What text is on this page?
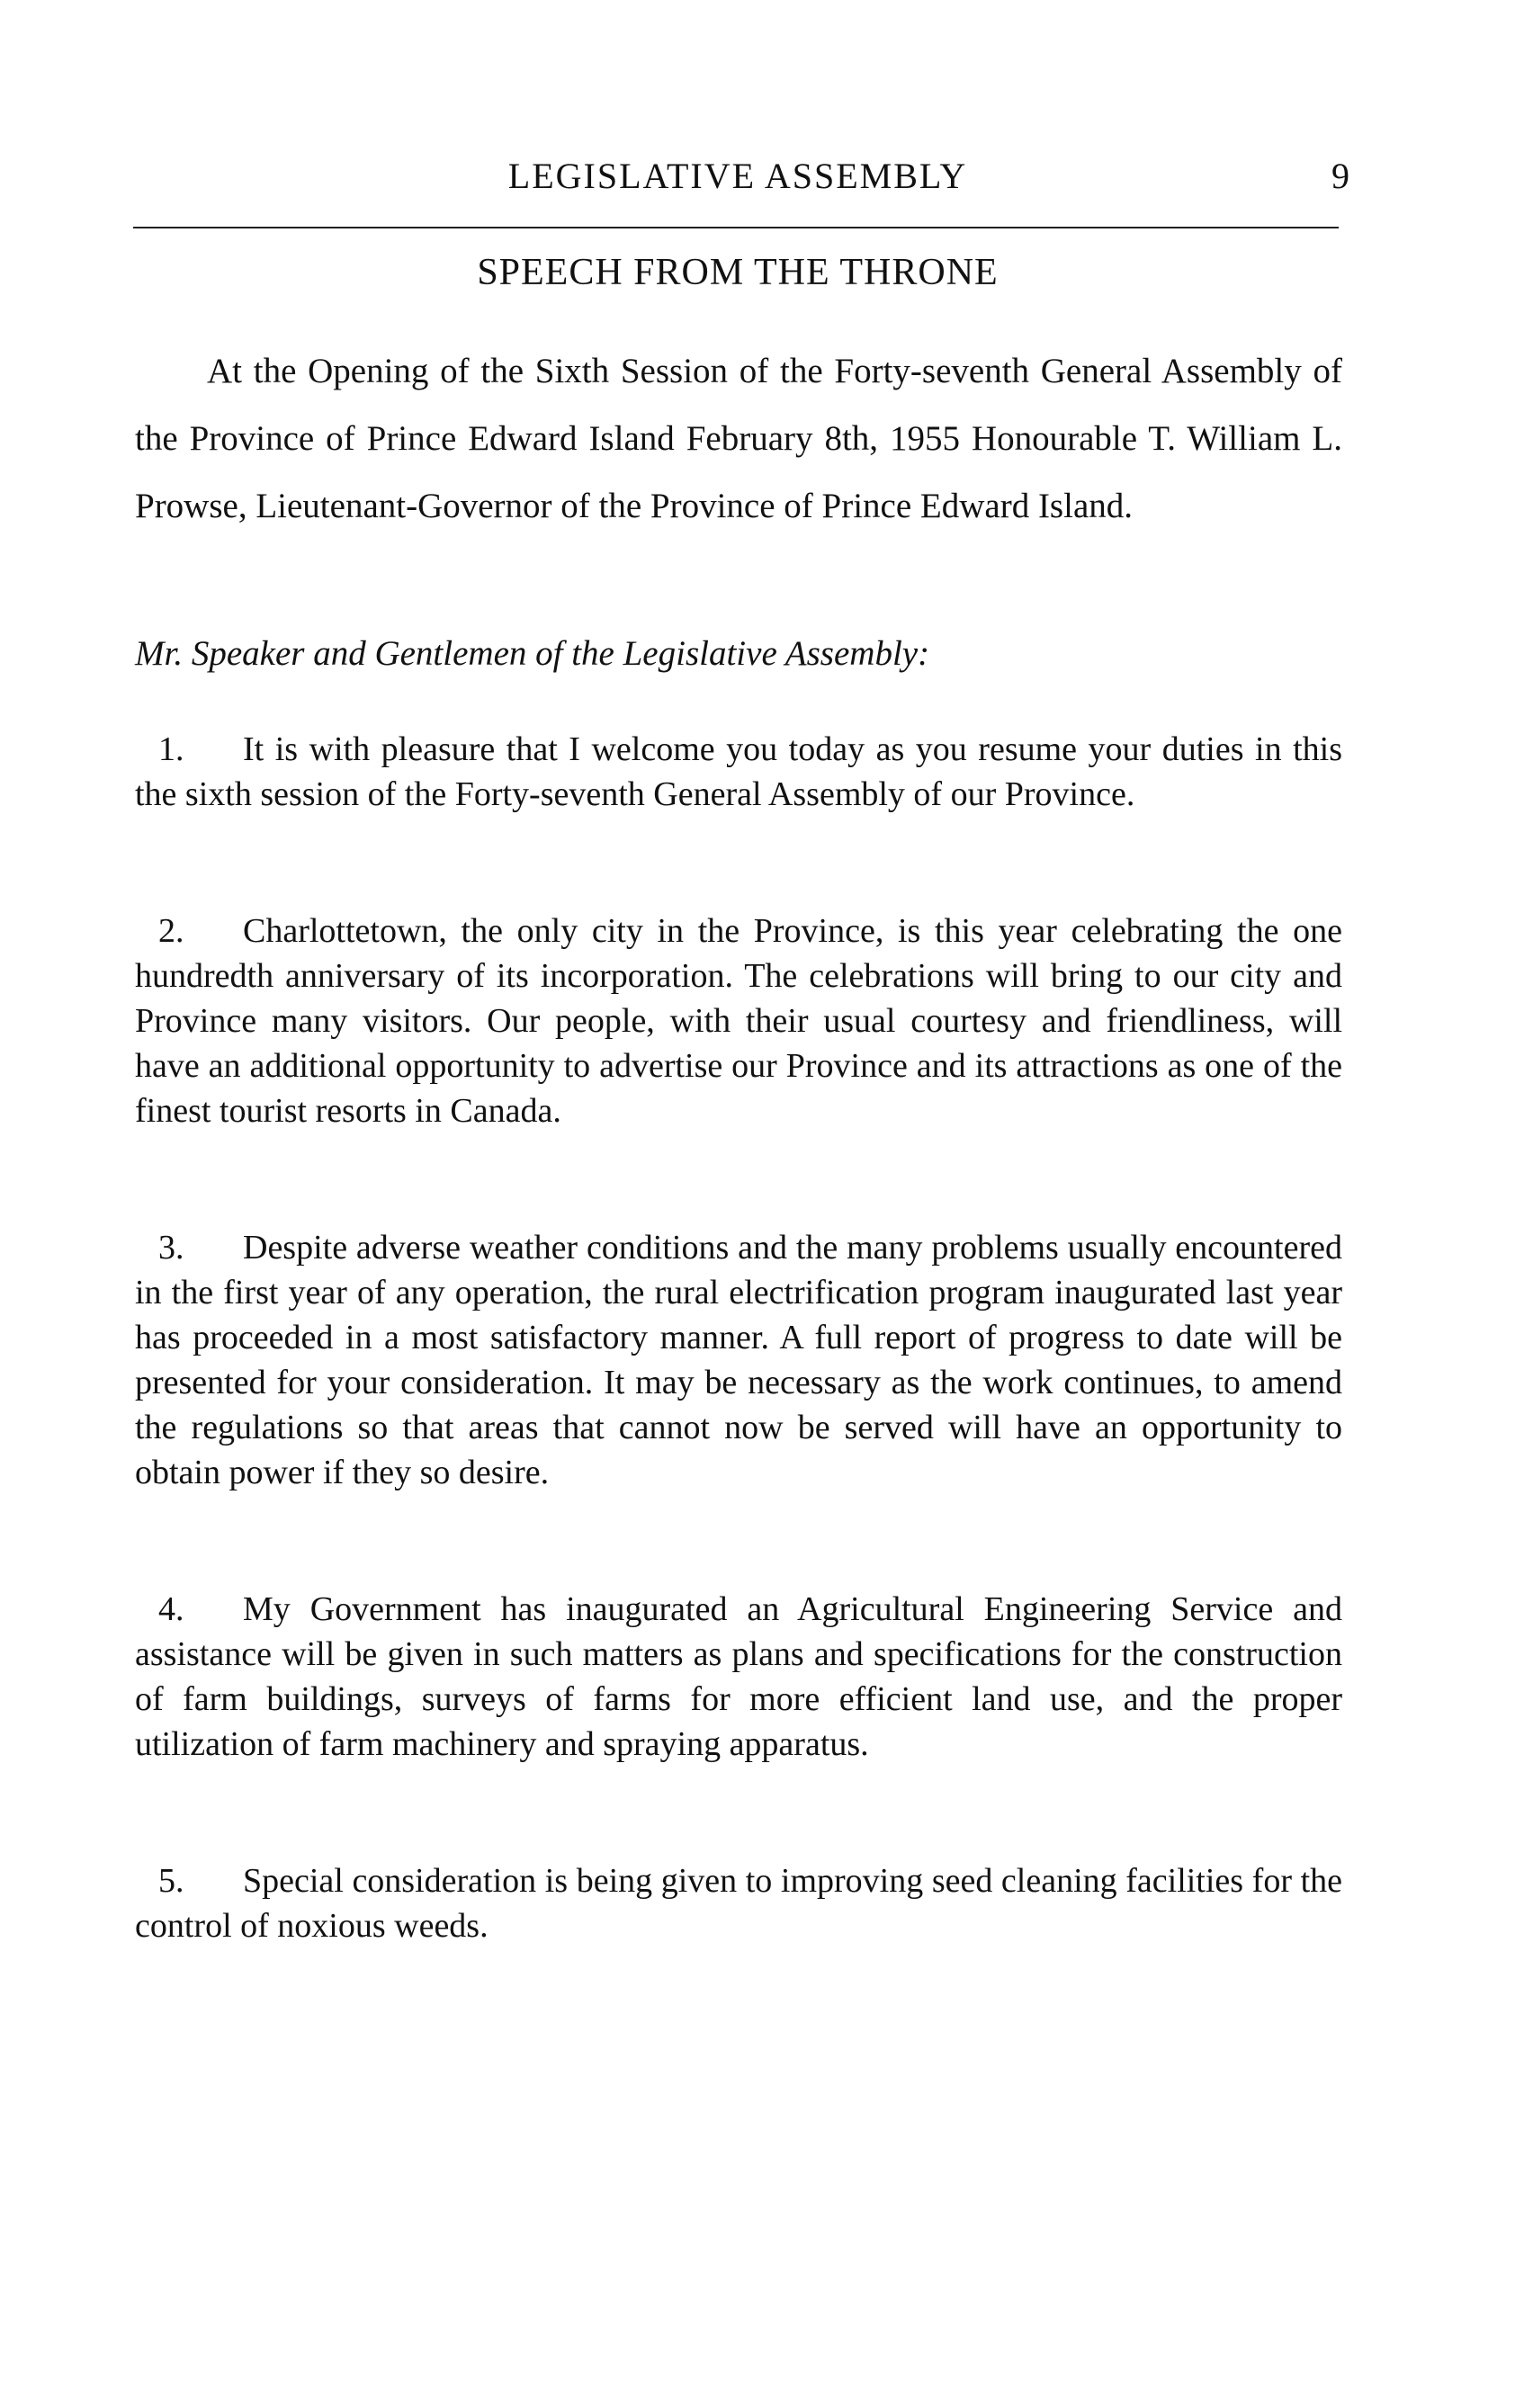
LEGISLATIVE ASSEMBLY	9
SPEECH FROM THE THRONE
At the Opening of the Sixth Session of the Forty-seventh General Assembly of the Province of Prince Edward Island February 8th, 1955 Honourable T. William L. Prowse, Lieutenant-Governor of the Province of Prince Edward Island.
Mr. Speaker and Gentlemen of the Legislative Assembly:
1. It is with pleasure that I welcome you today as you resume your duties in this the sixth session of the Forty-seventh General Assembly of our Province.
2. Charlottetown, the only city in the Province, is this year celebrating the one hundredth anniversary of its incorporation. The celebrations will bring to our city and Province many visitors. Our people, with their usual courtesy and friendliness, will have an additional opportunity to advertise our Province and its attractions as one of the finest tourist resorts in Canada.
3. Despite adverse weather conditions and the many problems usually encountered in the first year of any operation, the rural electrification program inaugurated last year has proceeded in a most satisfactory manner. A full report of progress to date will be presented for your consideration. It may be necessary as the work continues, to amend the regulations so that areas that cannot now be served will have an opportunity to obtain power if they so desire.
4. My Government has inaugurated an Agricultural Engineering Service and assistance will be given in such matters as plans and specifications for the construction of farm buildings, surveys of farms for more efficient land use, and the proper utilization of farm machinery and spraying apparatus.
5. Special consideration is being given to improving seed cleaning facilities for the control of noxious weeds.
